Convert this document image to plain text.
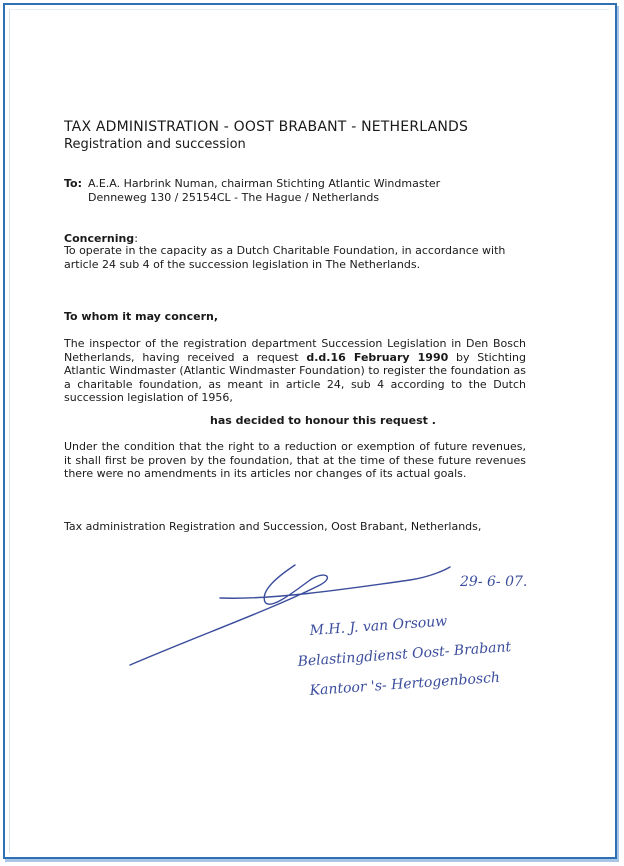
TAX ADMINISTRATION - OOST BRABANT - NETHERLANDS

Registration and succession

To: A.E.A. Harbrink Numan, chairman Stichting Atlantic Windmaster
Denneweg 130 / 25154CL - The Hague / Netherlands
Concerning:

To operate in the capacity as a Dutch Charitable Foundation, in accordance with article 24 sub 4 of the succession legislation in The Netherlands.

To whom it may concern,

The inspector of the registration department Succession Legislation in Den Bosch Netherlands, having received a request d.d.16 February 1990 by Stichting Atlantic Windmaster (Atlantic Windmaster Foundation) to register the foundation as a charitable foundation, as meant in article 24, sub 4 according to the Dutch succession legislation of 1956,

has decided to honour this request .

Under the condition that the right to a reduction or exemption of future revenues, it shall first be proven by the foundation, that at the time of these future revenues there were no amendments in its articles nor changes of its actual goals.

Tax administration Registration and Succession, Oost Brabant, Netherlands,
29- 6- 07.
M.H. J. van Orsouw
Belastingdienst Oost- Brabant
Kantoor 's- Hertogenbosch
